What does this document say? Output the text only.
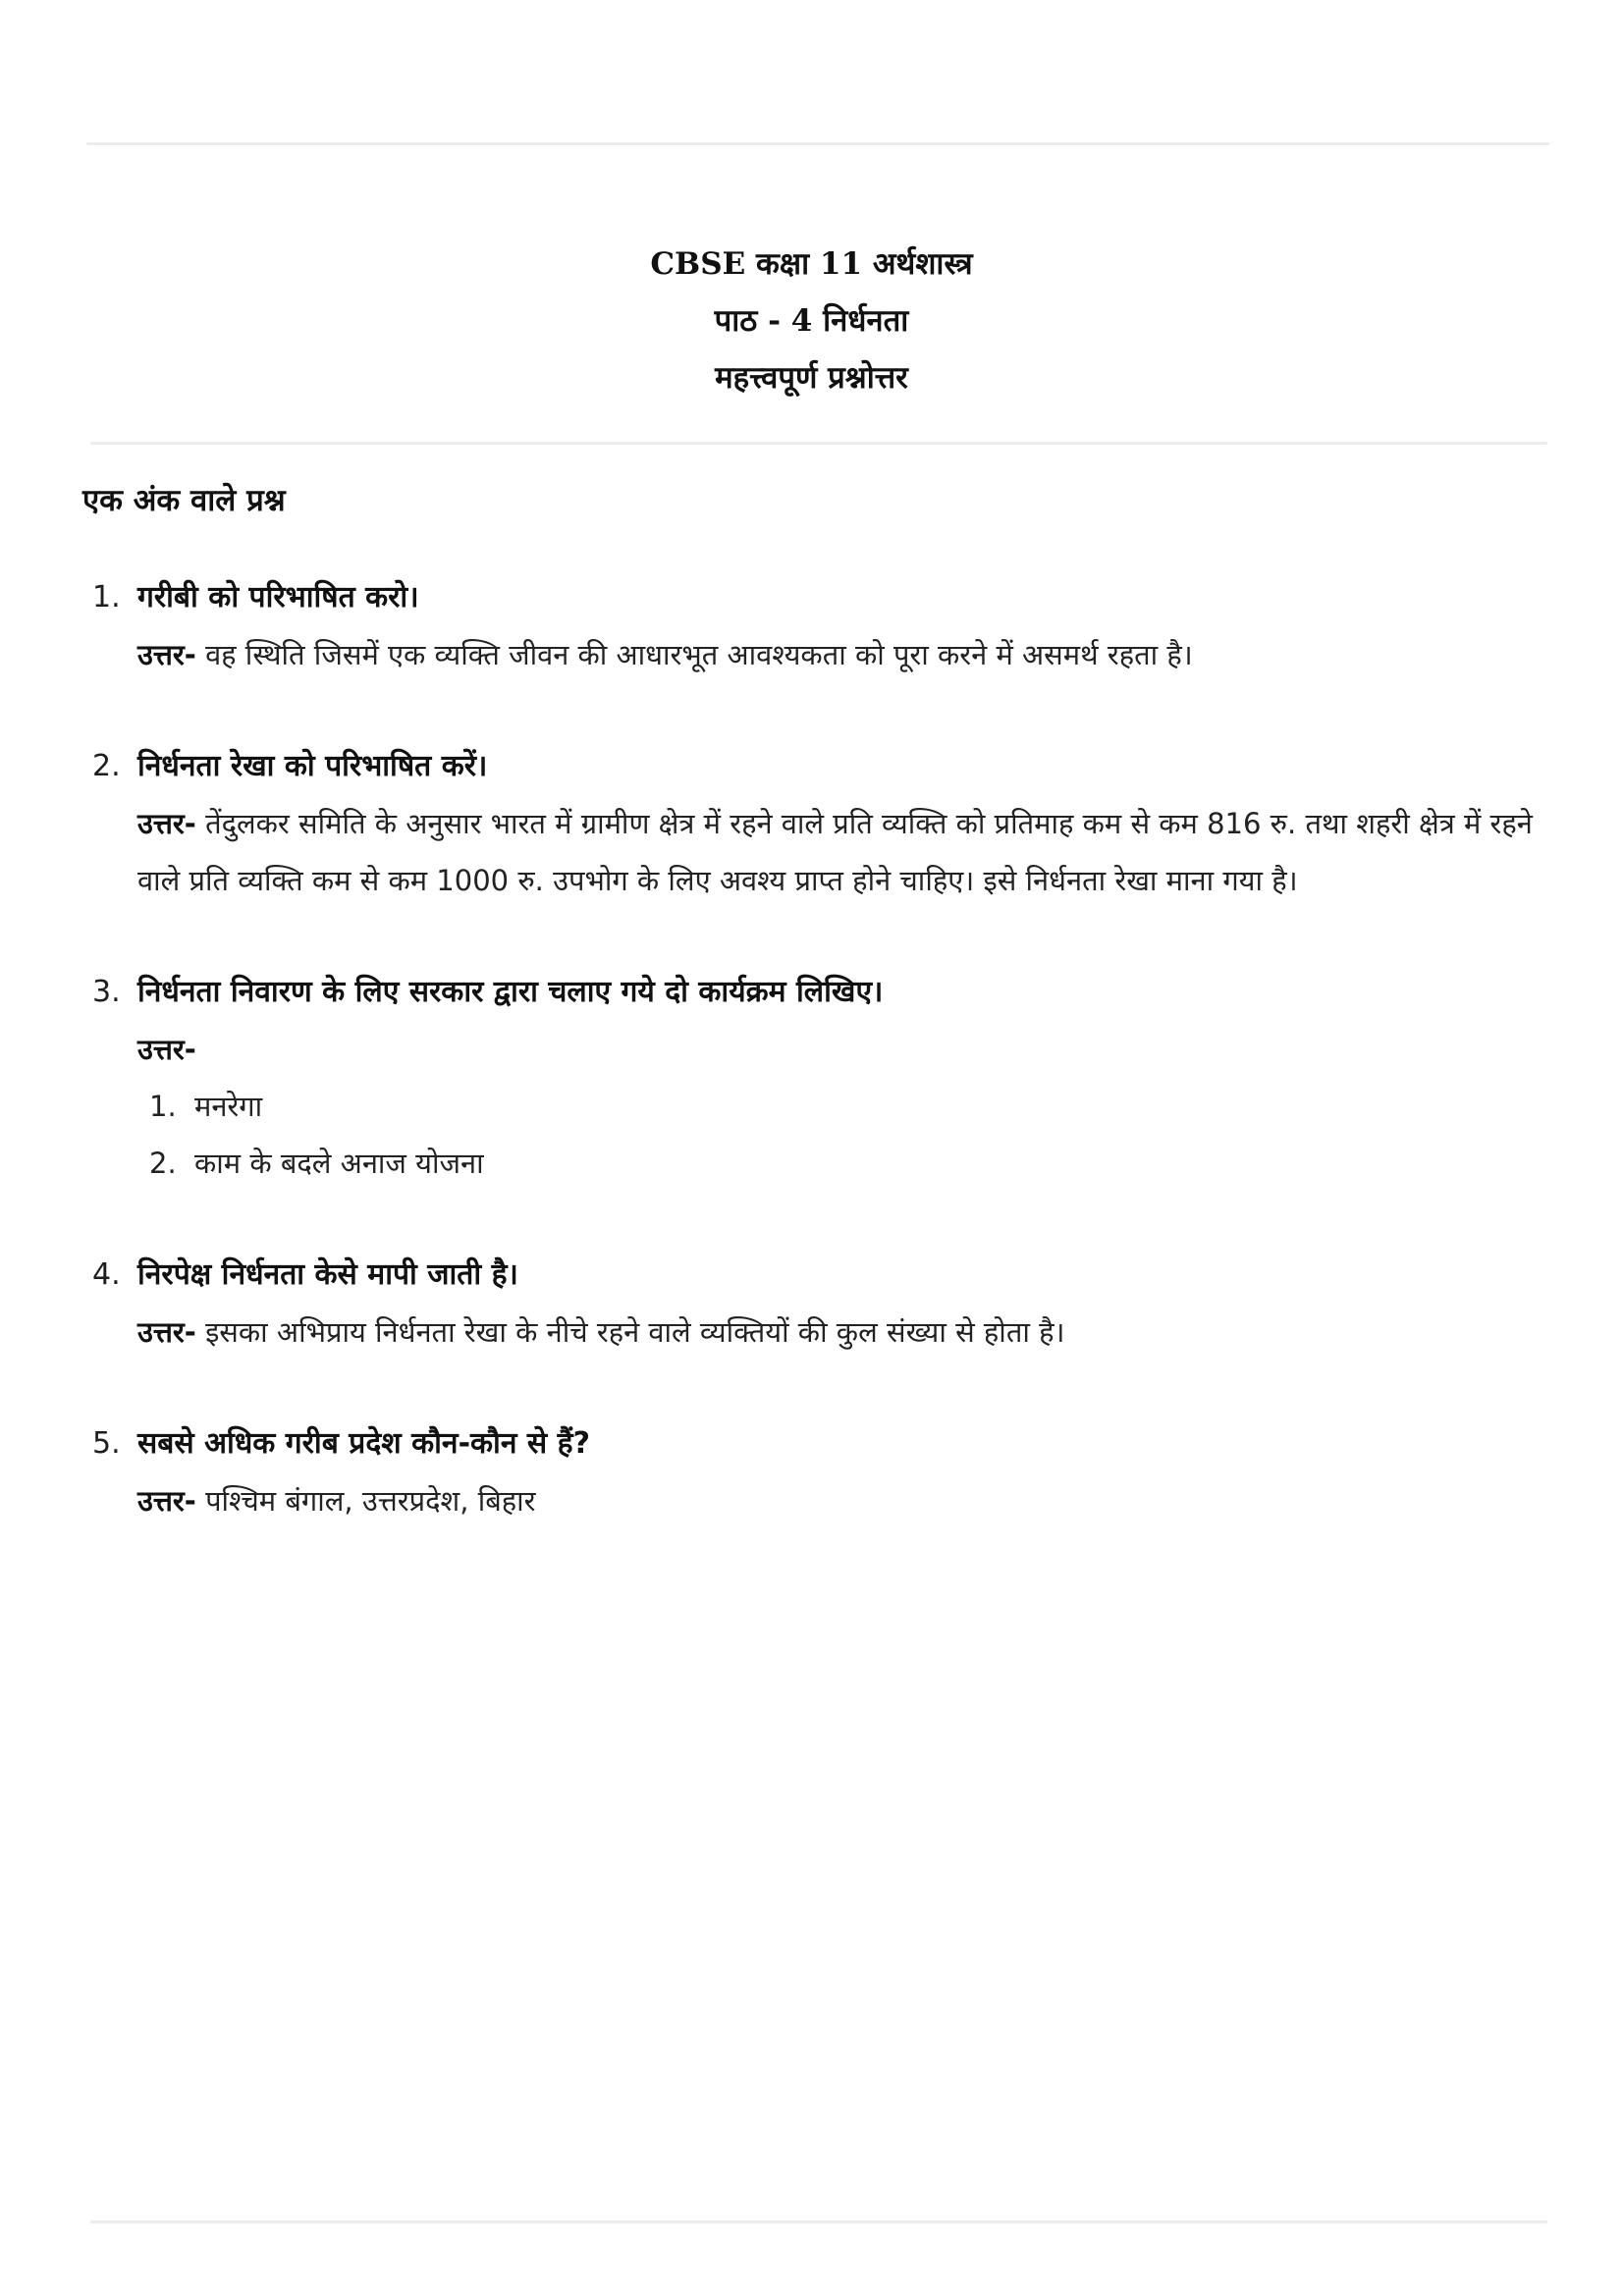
CBSE कक्षा 11 अर्थशास्त्र
पाठ - 4 निर्धनता
महत्त्वपूर्ण प्रश्नोत्तर
एक अंक वाले प्रश्न
1. गरीबी को परिभाषित करो।
उत्तर- वह स्थिति जिसमें एक व्यक्ति जीवन की आधारभूत आवश्यकता को पूरा करने में असमर्थ रहता है।
2. निर्धनता रेखा को परिभाषित करें।
उत्तर- तेंदुलकर समिति के अनुसार भारत में ग्रामीण क्षेत्र में रहने वाले प्रति व्यक्ति को प्रतिमाह कम से कम 816 रु. तथा शहरी क्षेत्र में रहने वाले प्रति व्यक्ति कम से कम 1000 रु. उपभोग के लिए अवश्य प्राप्त होने चाहिए। इसे निर्धनता रेखा माना गया है।
3. निर्धनता निवारण के लिए सरकार द्वारा चलाए गये दो कार्यक्रम लिखिए।
उत्तर-
1. मनरेगा
2. काम के बदले अनाज योजना
4. निरपेक्ष निर्धनता केसे मापी जाती है।
उत्तर- इसका अभिप्राय निर्धनता रेखा के नीचे रहने वाले व्यक्तियों की कुल संख्या से होता है।
5. सबसे अधिक गरीब प्रदेश कौन-कौन से हैं?
उत्तर- पश्चिम बंगाल, उत्तरप्रदेश, बिहार
